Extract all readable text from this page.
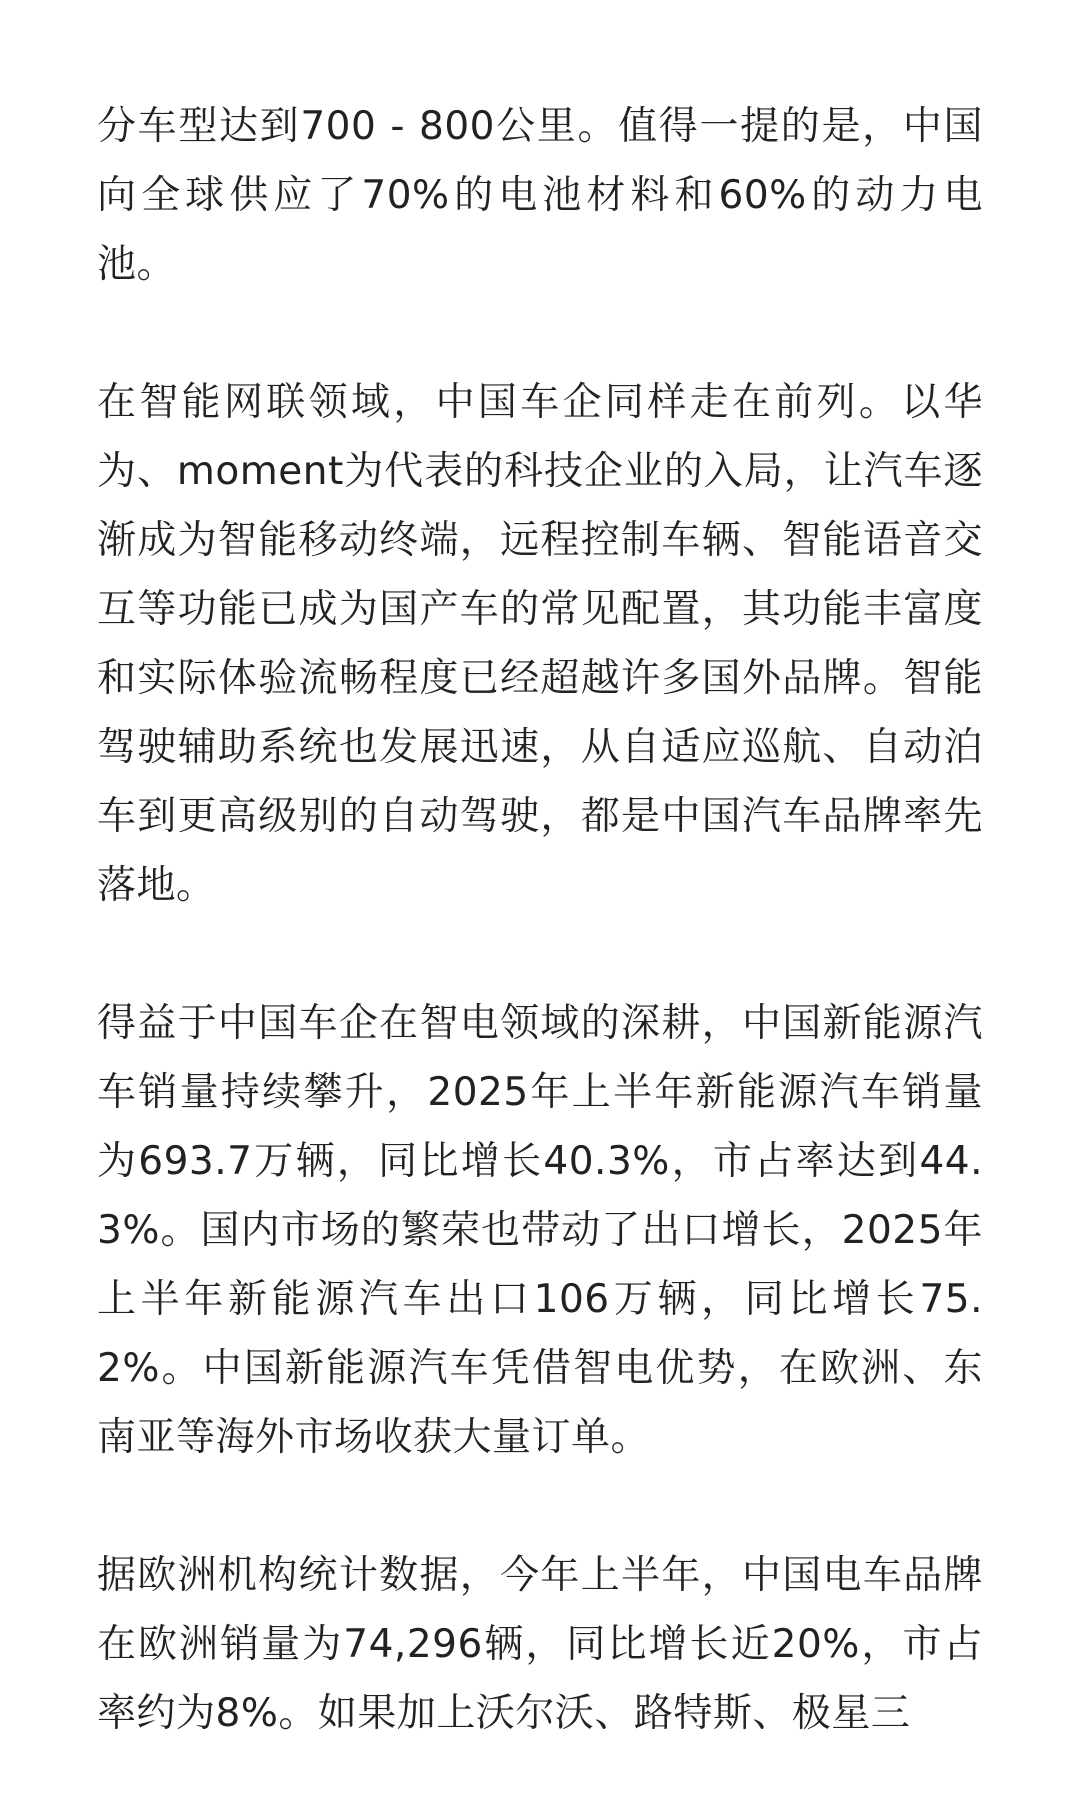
分车型达到700 - 800公里。值得一提的是，中国向全球供应了70%的电池材料和60%的动力电池。

在智能网联领域，中国车企同样走在前列。以华为、moment为代表的科技企业的入局，让汽车逐渐成为智能移动终端，远程控制车辆、智能语音交互等功能已成为国产车的常见配置，其功能丰富度和实际体验流畅程度已经超越许多国外品牌。智能驾驶辅助系统也发展迅速，从自适应巡航、自动泊车到更高级别的自动驾驶，都是中国汽车品牌率先落地。

得益于中国车企在智电领域的深耕，中国新能源汽车销量持续攀升，2025年上半年新能源汽车销量为693.7万辆，同比增长40.3%，市占率达到44.3%。国内市场的繁荣也带动了出口增长，2025年上半年新能源汽车出口106万辆，同比增长75.2%。中国新能源汽车凭借智电优势，在欧洲、东南亚等海外市场收获大量订单。

据欧洲机构统计数据，今年上半年，中国电车品牌在欧洲销量为74,296辆，同比增长近20%，市占率约为8%。如果加上沃尔沃、路特斯、极星三
